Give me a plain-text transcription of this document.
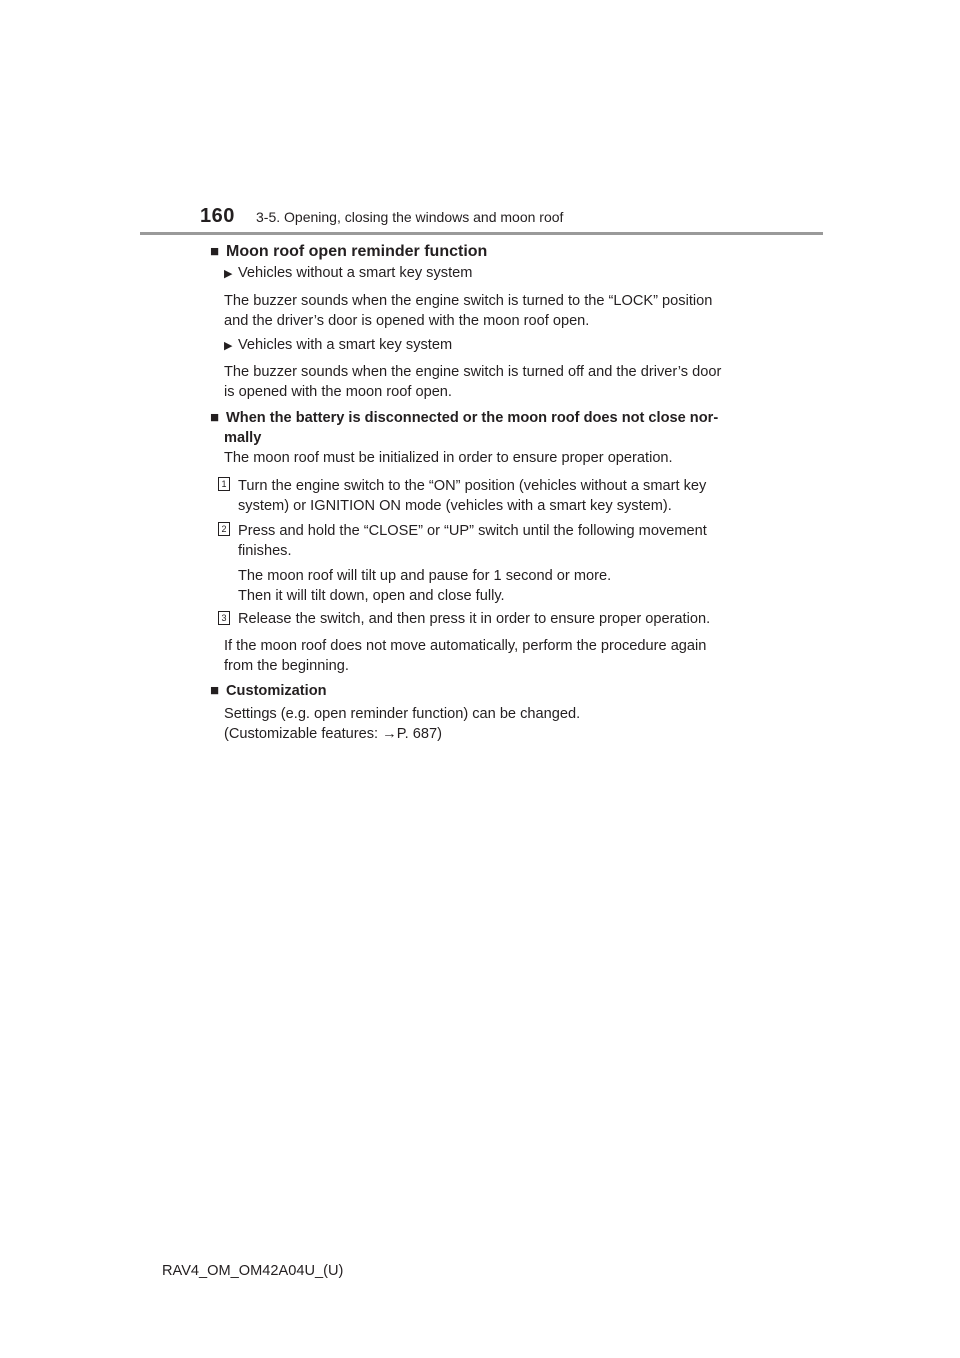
160 3-5. Opening, closing the windows and moon roof
■ Moon roof open reminder function
▶ Vehicles without a smart key system
The buzzer sounds when the engine switch is turned to the “LOCK” position
and the driver’s door is opened with the moon roof open.
▶ Vehicles with a smart key system
The buzzer sounds when the engine switch is turned off and the driver’s door
is opened with the moon roof open.
■ When the battery is disconnected or the moon roof does not close nor-
mally
The moon roof must be initialized in order to ensure proper operation.
1 Turn the engine switch to the “ON” position (vehicles without a smart key
system) or IGNITION ON mode (vehicles with a smart key system).
2 Press and hold the “CLOSE” or “UP” switch until the following movement
finishes.
The moon roof will tilt up and pause for 1 second or more.
Then it will tilt down, open and close fully.
3 Release the switch, and then press it in order to ensure proper operation.
If the moon roof does not move automatically, perform the procedure again
from the beginning.
■ Customization
Settings (e.g. open reminder function) can be changed.
(Customizable features: →P. 687)
RAV4_OM_OM42A04U_(U)
